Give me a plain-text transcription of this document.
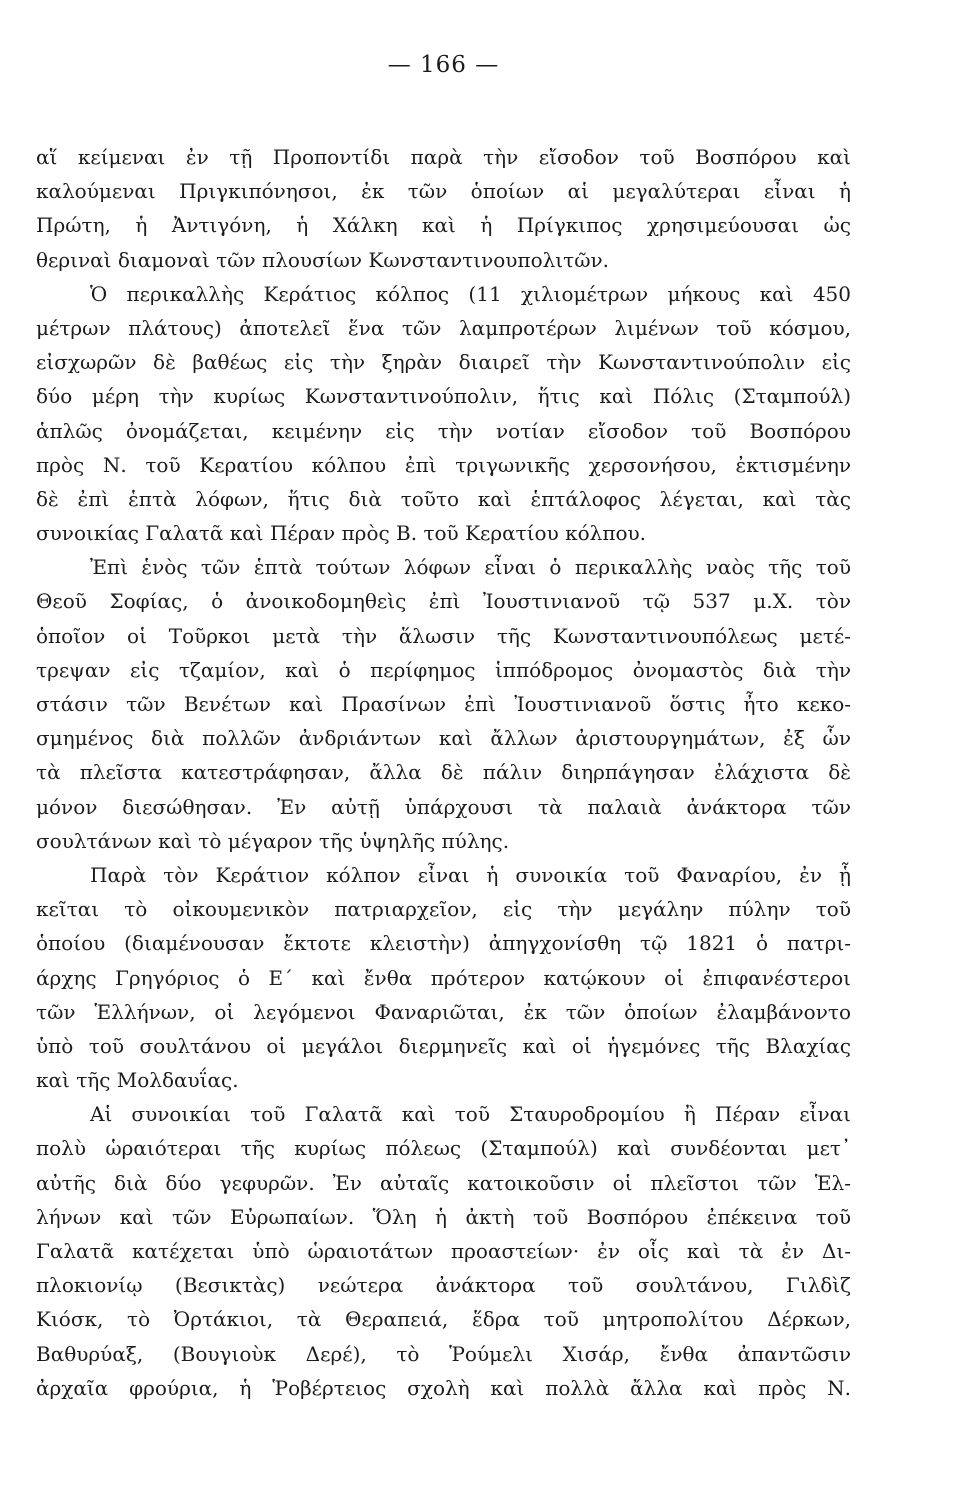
— 166 —
αἵ κείμεναι ἐν τῇ Προποντίδι παρὰ τὴν εἴσοδον τοῦ Βοσπόρου καὶ
καλούμεναι Πριγκιπόνησοι, ἐκ τῶν ὁποίων αἱ μεγαλύτεραι εἶναι ἡ
Πρώτη, ἡ Ἀντιγόνη, ἡ Χάλκη καὶ ἡ Πρίγκιπος χρησιμεύουσαι ὡς
θεριναὶ διαμοναὶ τῶν πλουσίων Κωνσταντινουπολιτῶν.
Ὁ περικαλλὴς Κεράτιος κόλπος (11 χιλιομέτρων μήκους καὶ 450
μέτρων πλάτους) ἀποτελεῖ ἕνα τῶν λαμπροτέρων λιμένων τοῦ κόσμου,
εἰσχωρῶν δὲ βαθέως εἰς τὴν ξηρὰν διαιρεῖ τὴν Κωνσταντινούπολιν εἰς
δύο μέρη τὴν κυρίως Κωνσταντινούπολιν, ἥτις καὶ Πόλις (Σταμπούλ)
ἁπλῶς ὀνομάζεται, κειμένην εἰς τὴν νοτίαν εἴσοδον τοῦ Βοσπόρου
πρὸς Ν. τοῦ Κερατίου κόλπου ἐπὶ τριγωνικῆς χερσονήσου, ἐκτισμένην
δὲ ἐπὶ ἑπτὰ λόφων, ἥτις διὰ τοῦτο καὶ ἑπτάλοφος λέγεται, καὶ τὰς
συνοικίας Γαλατᾶ καὶ Πέραν πρὸς Β. τοῦ Κερατίου κόλπου.
Ἐπὶ ἑνὸς τῶν ἑπτὰ τούτων λόφων εἶναι ὁ περικαλλὴς ναὸς τῆς τοῦ
Θεοῦ Σοφίας, ὁ ἀνοικοδομηθεὶς ἐπὶ Ἰουστινιανοῦ τῷ 537 μ.Χ. τὸν
ὁποῖον οἱ Τοῦρκοι μετὰ τὴν ἅλωσιν τῆς Κωνσταντινουπόλεως μετέ-
τρεψαν εἰς τζαμίον, καὶ ὁ περίφημος ἱππόδρομος ὀνομαστὸς διὰ τὴν
στάσιν τῶν Βενέτων καὶ Πρασίνων ἐπὶ Ἰουστινιανοῦ ὅστις ἦτο κεκο-
σμημένος διὰ πολλῶν ἀνδριάντων καὶ ἄλλων ἀριστουργημάτων, ἐξ ὧν
τὰ πλεῖστα κατεστράφησαν, ἄλλα δὲ πάλιν διηρπάγησαν ἐλάχιστα δὲ
μόνον διεσώθησαν. Ἐν αὐτῇ ὑπάρχουσι τὰ παλαιὰ ἀνάκτορα τῶν
σουλτάνων καὶ τὸ μέγαρον τῆς ὑψηλῆς πύλης.
Παρὰ τὸν Κεράτιον κόλπον εἶναι ἡ συνοικία τοῦ Φαναρίου, ἐν ᾗ
κεῖται τὸ οἰκουμενικὸν πατριαρχεῖον, εἰς τὴν μεγάλην πύλην τοῦ
ὁποίου (διαμένουσαν ἔκτοτε κλειστὴν) ἀπηγχονίσθη τῷ 1821 ὁ πατρι-
άρχης Γρηγόριος ὁ Ε΄ καὶ ἔνθα πρότερον κατῴκουν οἱ ἐπιφανέστεροι
τῶν Ἑλλήνων, οἱ λεγόμενοι Φαναριῶται, ἐκ τῶν ὁποίων ἐλαμβάνοντο
ὑπὸ τοῦ σουλτάνου οἱ μεγάλοι διερμηνεῖς καὶ οἱ ἡγεμόνες τῆς Βλαχίας
καὶ τῆς Μολδαυΐας.
Αἱ συνοικίαι τοῦ Γαλατᾶ καὶ τοῦ Σταυροδρομίου ἢ Πέραν εἶναι
πολὺ ὡραιότεραι τῆς κυρίως πόλεως (Σταμπούλ) καὶ συνδέονται μετ᾽
αὐτῆς διὰ δύο γεφυρῶν. Ἐν αὐταῖς κατοικοῦσιν οἱ πλεῖστοι τῶν Ἑλ-
λήνων καὶ τῶν Εὐρωπαίων. Ὅλη ἡ ἀκτὴ τοῦ Βοσπόρου ἐπέκεινα τοῦ
Γαλατᾶ κατέχεται ὑπὸ ὡραιοτάτων προαστείων· ἐν οἷς καὶ τὰ ἐν Δι-
πλοκιονίῳ (Βεσικτὰς) νεώτερα ἀνάκτορα τοῦ σουλτάνου, Γιλδὶζ
Κιόσκ, τὸ Ὀρτάκιοι, τὰ Θεραπειά, ἕδρα τοῦ μητροπολίτου Δέρκων,
Βαθυρύαξ, (Βουγιοὺκ Δερέ), τὸ Ῥούμελι Χισάρ, ἔνθα ἀπαντῶσιν
ἀρχαῖα φρούρια, ἡ Ῥοβέρτειος σχολὴ καὶ πολλὰ ἄλλα καὶ πρὸς Ν.
